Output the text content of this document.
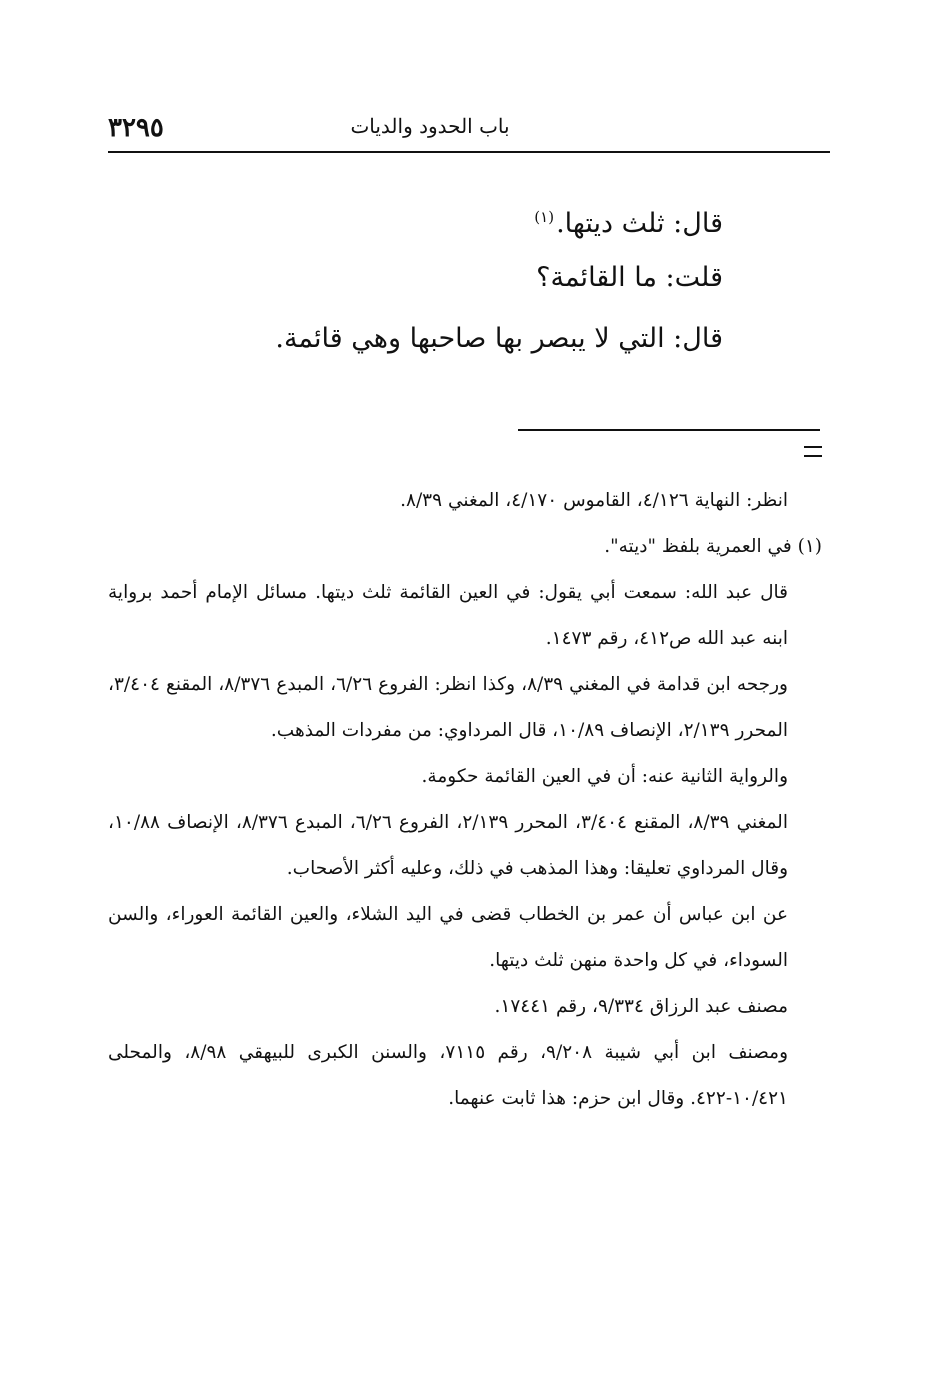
٣٢٩٥	باب الحدود والديات
قال: ثلث ديتها.$^{(١)}$
قلت: ما القائمة؟
قال: التي لا يبصر بها صاحبها وهي قائمة.
انظر: النهاية ٤/١٢٦، القاموس ٤/١٧٠، المغني ٨/٣٩.
(١) في العمرية بلفظ "ديته".
قال عبد الله: سمعت أبي يقول: في العين القائمة ثلث ديتها. مسائل الإمام أحمد برواية ابنه عبد الله ص٤١٢، رقم ١٤٧٣.
ورجحه ابن قدامة في المغني ٨/٣٩، وكذا انظر: الفروع ٦/٢٦، المبدع ٨/٣٧٦، المقنع ٣/٤٠٤، المحرر ٢/١٣٩، الإنصاف ١٠/٨٩، قال المرداوي: من مفردات المذهب.
والرواية الثانية عنه: أن في العين القائمة حكومة.
المغني ٨/٣٩، المقنع ٣/٤٠٤، المحرر ٢/١٣٩، الفروع ٦/٢٦، المبدع ٨/٣٧٦، الإنصاف ١٠/٨٨، وقال المرداوي تعليقا: وهذا المذهب في ذلك، وعليه أكثر الأصحاب.
عن ابن عباس أن عمر بن الخطاب قضى في اليد الشلاء، والعين القائمة العوراء، والسن السوداء، في كل واحدة منهن ثلث ديتها.
مصنف عبد الرزاق ٩/٣٣٤، رقم ١٧٤٤١.
ومصنف ابن أبي شيبة ٩/٢٠٨، رقم ٧١١٥، والسنن الكبرى للبيهقي ٨/٩٨، والمحلى ١٠/٤٢١-٤٢٢. وقال ابن حزم: هذا ثابت عنهما.
